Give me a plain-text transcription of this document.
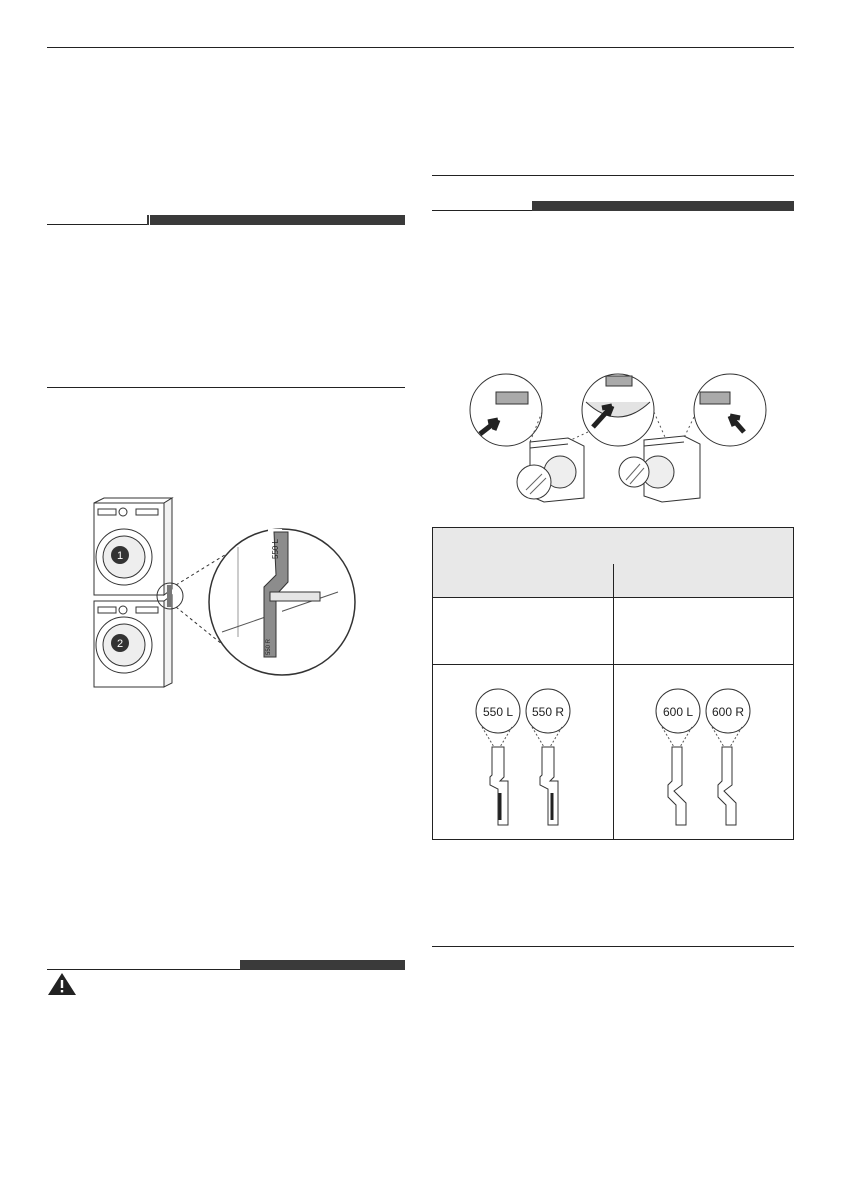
1
2
550 L
550 R
550 L 550 R	600 L 600 R
